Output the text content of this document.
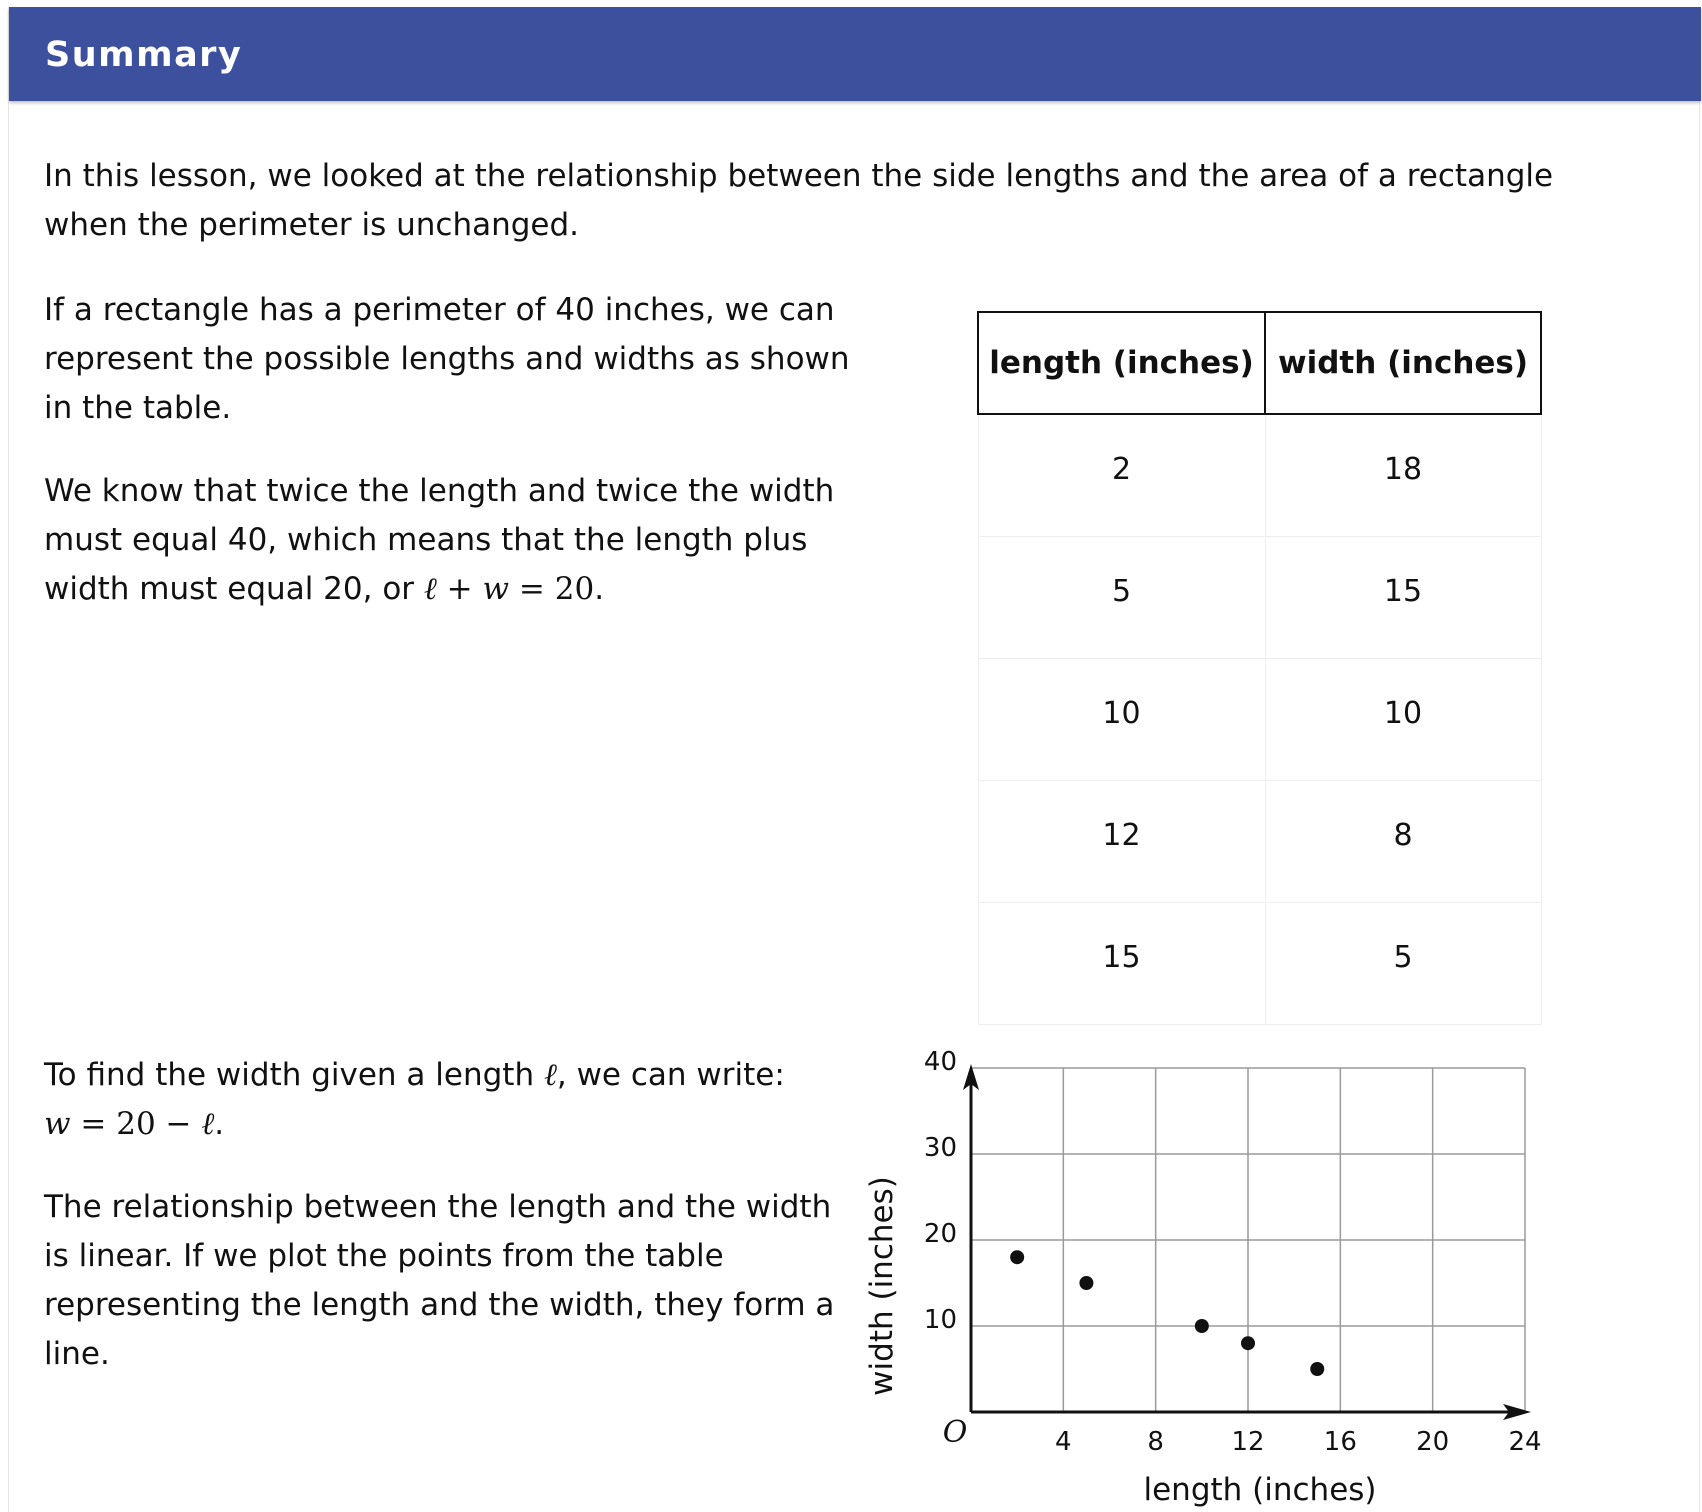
Summary

In this lesson, we looked at the relationship between the side lengths and the area of a rectangle when the perimeter is unchanged.

If a rectangle has a perimeter of 40 inches, we can represent the possible lengths and widths as shown in the table.

We know that twice the length and twice the width must equal 40, which means that the length plus width must equal 20, or ℓ + w = 20.

To find the width given a length ℓ, we can write:
w = 20 − ℓ.

The relationship between the length and the width is linear. If we plot the points from the table representing the length and the width, they form a line.

length (inches)	width (inches)
2	18
5	15
10	10
12	8
15	5
4	8	12 16 20 24
10
20
30
40
length (inches)
width (inches)
O
